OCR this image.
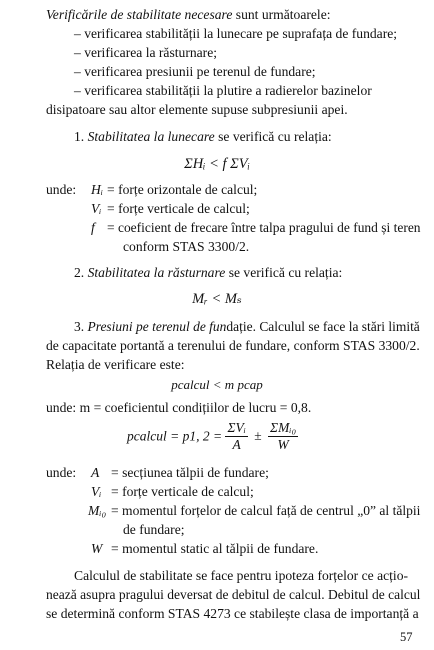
Verificările de stabilitate necesare sunt următoarele:
– verificarea stabilității la lunecare pe suprafața de fundare;
– verificarea la răsturnare;
– verificarea presiunii pe terenul de fundare;
– verificarea stabilității la plutire a radierelor bazinelor
disipatoare sau altor elemente supuse subpresiunii apei.
1. Stabilitatea la lunecare se verifică cu relația:
ΣHᵢ < f ΣVᵢ
unde: Hᵢ = forțe orizontale de calcul;
Vᵢ = forțe verticale de calcul;
f = coeficient de frecare între talpa pragului de fund și teren
conform STAS 3300/2.
2. Stabilitatea la răsturnare se verifică cu relația:
Mᵣ < Mₛ
3. Presiuni pe terenul de fundație. Calculul se face la stări limită
de capacitate portantă a terenului de fundare, conform STAS 3300/2.
Relația de verificare este:
pcalcul < m pcap
unde: m = coeficientul condițiilor de lucru = 0,8.
pcalcul = p1, $2 = \frac{\text{ΣVᵢ}}{A} \pm \frac{\text{ΣMᵢ₀}}{W}$
unde: A = secțiunea tălpii de fundare;
Vᵢ = forțe verticale de calcul;
Mᵢ₀ = momentul forțelor de calcul față de centrul „0” al tălpii
de fundare;
W = momentul static al tălpii de fundare.
Calculul de stabilitate se face pentru ipoteza forțelor ce acțio-
nează asupra pragului deversat de debitul de calcul. Debitul de calcul
se determină conform STAS 4273 ce stabilește clasa de importanță a
57
